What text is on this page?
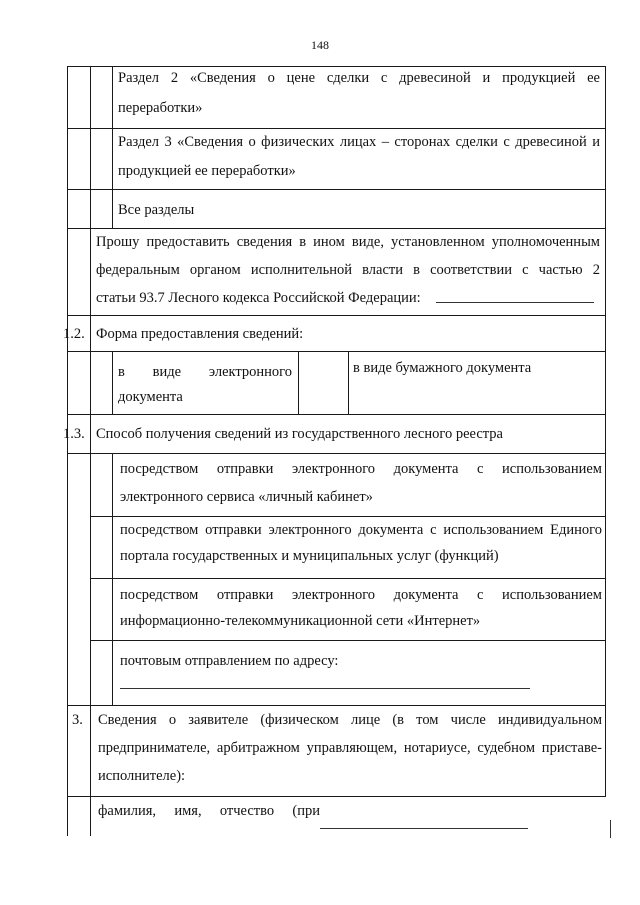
148
Раздел 2 «Сведения о цене сделки с древесиной и продукцией ее
переработки»
Раздел 3 «Сведения о физических лицах – сторонах сделки с древесиной и
продукцией ее переработки»
Все разделы
Прошу предоставить сведения в ином виде, установленном уполномоченным
федеральным органом исполнительной власти в соответствии с частью 2
статьи 93.7 Лесного кодекса Российской Федерации:
1.2. Форма предоставления сведений:
в виде электронного
документа
в виде бумажного документа
1.3. Способ получения сведений из государственного лесного реестра
посредством отправки электронного документа с использованием
электронного сервиса «личный кабинет»
посредством отправки электронного документа с использованием Единого
портала государственных и муниципальных услуг (функций)
посредством отправки электронного документа с использованием
информационно-телекоммуникационной сети «Интернет»
почтовым отправлением по адресу:
3. Сведения о заявителе (физическом лице (в том числе индивидуальном
предпринимателе, арбитражном управляющем, нотариусе, судебном приставе-
исполнителе):
фамилия, имя, отчество (при
